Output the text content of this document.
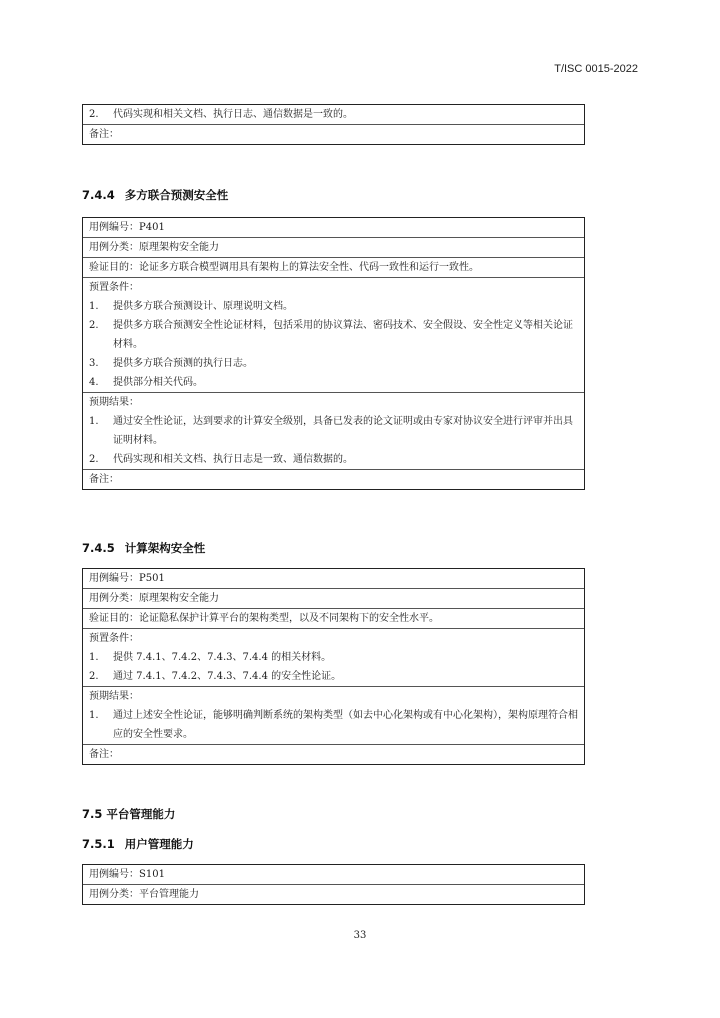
T/ISC 0015-2022
2.	代码实现和相关文档、执行日志、通信数据是一致的。
备注：
7.4.4 多方联合预测安全性
用例编号：P401
用例分类：原理架构安全能力
验证目的：论证多方联合模型调用具有架构上的算法安全性、代码一致性和运行一致性。
预置条件：
1.	提供多方联合预测设计、原理说明文档。
2.	提供多方联合预测安全性论证材料，包括采用的协议算法、密码技术、安全假设、安全性定义等相关论证材料。
3.	提供多方联合预测的执行日志。
4.	提供部分相关代码。
预期结果：
1.	通过安全性论证，达到要求的计算安全级别，具备已发表的论文证明或由专家对协议安全进行评审并出具证明材料。
2.	代码实现和相关文档、执行日志是一致、通信数据的。
备注：
7.4.5 计算架构安全性
用例编号：P501
用例分类：原理架构安全能力
验证目的：论证隐私保护计算平台的架构类型，以及不同架构下的安全性水平。
预置条件：
1.	提供 7.4.1、7.4.2、7.4.3、7.4.4 的相关材料。
2.	通过 7.4.1、7.4.2、7.4.3、7.4.4 的安全性论证。
预期结果：
1.	通过上述安全性论证，能够明确判断系统的架构类型（如去中心化架构或有中心化架构），架构原理符合相应的安全性要求。
备注：
7.5 平台管理能力
7.5.1 用户管理能力
用例编号：S101
用例分类：平台管理能力
33
